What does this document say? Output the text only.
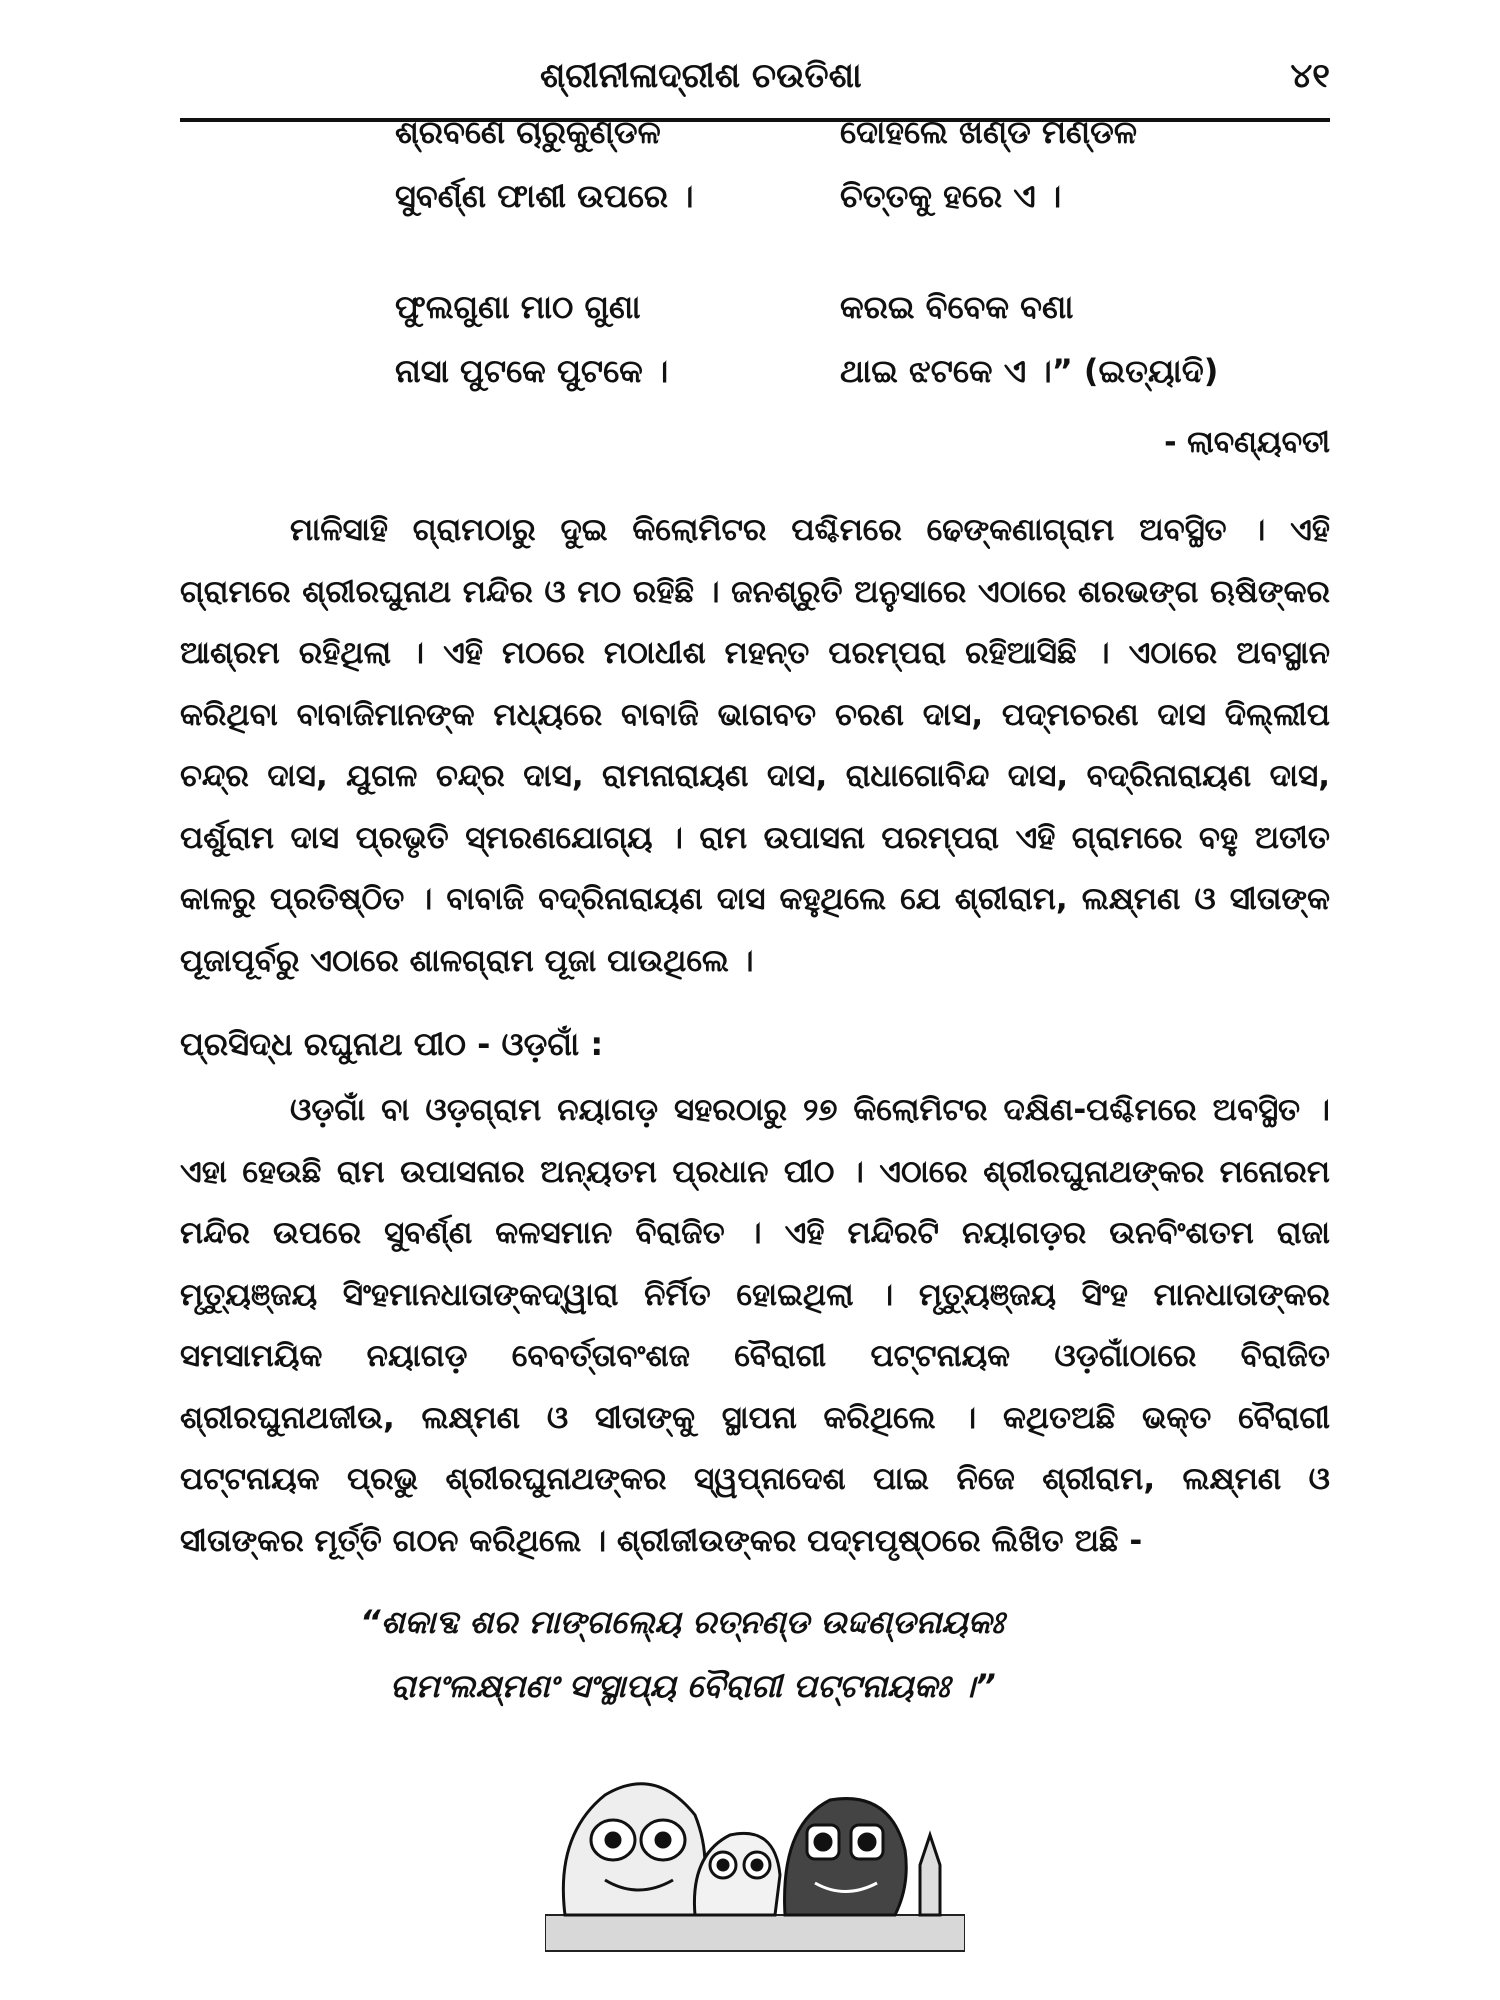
ଶ୍ରୀନୀଳାଦ୍ରୀଶ ଚଉତିଶା	୪୧
ଶ୍ରବଣେ ଚାରୁକୁଣ୍ଡଳ	ଦୋହଲେ ଖଣ୍ଡ ମଣ୍ଡଳ
ସୁବର୍ଣ୍ଣ ଫାଶୀ ଉପରେ ।	ଚିତ୍ତକୁ ହରେ ଏ ।
ଫୁଲଗୁଣା ମାଠ ଗୁଣା	କରଇ ବିବେକ ବଣା
ନାସା ପୁଟକେ ପୁଟକେ ।	ଥାଇ ଝଟକେ ଏ ।” (ଇତ୍ୟାଦି)
- ଲାବଣ୍ୟବତୀ

ମାଳିସାହି ଗ୍ରାମଠାରୁ ଦୁଇ କିଲୋମିଟର ପଶ୍ଚିମରେ ଢେଙ୍କଣାଗ୍ରାମ ଅବସ୍ଥିତ । ଏହି ଗ୍ରାମରେ ଶ୍ରୀରଘୁନାଥ ମନ୍ଦିର ଓ ମଠ ରହିଛି । ଜନଶ୍ରୁତି ଅନୁସାରେ ଏଠାରେ ଶରଭଙ୍ଗ ଋଷିଙ୍କର ଆଶ୍ରମ ରହିଥିଲା । ଏହି ମଠରେ ମଠାଧୀଶ ମହନ୍ତ ପରମ୍ପରା ରହିଆସିଛି । ଏଠାରେ ଅବସ୍ଥାନ କରିଥିବା ବାବାଜିମାନଙ୍କ ମଧ୍ୟରେ ବାବାଜି ଭାଗବତ ଚରଣ ଦାସ, ପଦ୍ମଚରଣ ଦାସ ଦିଲ୍ଲୀପ ଚନ୍ଦ୍ର ଦାସ, ଯୁଗଳ ଚନ୍ଦ୍ର ଦାସ, ରାମନାରାୟଣ ଦାସ, ରାଧାଗୋବିନ୍ଦ ଦାସ, ବଦ୍ରିନାରାୟଣ ଦାସ, ପର୍ଶୁରାମ ଦାସ ପ୍ରଭୃତି ସ୍ମରଣଯୋଗ୍ୟ । ରାମ ଉପାସନା ପରମ୍ପରା ଏହି ଗ୍ରାମରେ ବହୁ ଅତୀତ କାଳରୁ ପ୍ରତିଷ୍ଠିତ । ବାବାଜି ବଦ୍ରିନାରାୟଣ ଦାସ କହୁଥିଲେ ଯେ ଶ୍ରୀରାମ, ଲକ୍ଷ୍ମଣ ଓ ସୀତାଙ୍କ ପୂଜାପୂର୍ବରୁ ଏଠାରେ ଶାଳଗ୍ରାମ ପୂଜା ପାଉଥିଲେ ।

ପ୍ରସିଦ୍ଧ ରଘୁନାଥ ପୀଠ - ଓଡ଼ଗାଁ :

ଓଡ଼ଗାଁ ବା ଓଡ଼ଗ୍ରାମ ନୟାଗଡ଼ ସହରଠାରୁ ୨୭ କିଲୋମିଟର ଦକ୍ଷିଣ-ପଶ୍ଚିମରେ ଅବସ୍ଥିତ । ଏହା ହେଉଛି ରାମ ଉପାସନାର ଅନ୍ୟତମ ପ୍ରଧାନ ପୀଠ । ଏଠାରେ ଶ୍ରୀରଘୁନାଥଙ୍କର ମନୋରମ ମନ୍ଦିର ଉପରେ ସୁବର୍ଣ୍ଣ କଳସମାନ ବିରାଜିତ । ଏହି ମନ୍ଦିରଟି ନୟାଗଡ଼ର ଉନବିଂଶତମ ରାଜା ମୃତ୍ୟୁଞ୍ଜୟ ସିଂହମାନଧାତାଙ୍କଦ୍ୱାରା ନିର୍ମିତ ହୋଇଥିଲା । ମୃତ୍ୟୁଞ୍ଜୟ ସିଂହ ମାନଧାତାଙ୍କର ସମସାମୟିକ ନୟାଗଡ଼ ବେବର୍ତ୍ତାବଂଶଜ ବୈରାଗୀ ପଟ୍ଟନାୟକ ଓଡ଼ଗାଁଠାରେ ବିରାଜିତ ଶ୍ରୀରଘୁନାଥଜୀଉ, ଲକ୍ଷ୍ମଣ ଓ ସୀତାଙ୍କୁ ସ୍ଥାପନା କରିଥିଲେ । କଥିତଅଛି ଭକ୍ତ ବୈରାଗୀ ପଟ୍ଟନାୟକ ପ୍ରଭୁ ଶ୍ରୀରଘୁନାଥଙ୍କର ସ୍ୱପ୍ନାଦେଶ ପାଇ ନିଜେ ଶ୍ରୀରାମ, ଲକ୍ଷ୍ମଣ ଓ ସୀତାଙ୍କର ମୂର୍ତ୍ତି ଗଠନ କରିଥିଲେ । ଶ୍ରୀଜୀଉଙ୍କର ପଦ୍ମପୃଷ୍ଠରେ ଲିଖିତ ଅଛି -

“ଶକାବ୍ଦ ଶର ମାଙ୍ଗଲ୍ୟେ ରତ୍ନଣ୍ଡ ଉଦ୍ଦଣ୍ଡନାୟକଃ
ରାମଂଲକ୍ଷ୍ମଣଂ ସଂସ୍ଥାପ୍ୟ ବୈରାଗୀ ପଟ୍ଟନାୟକଃ ।”
